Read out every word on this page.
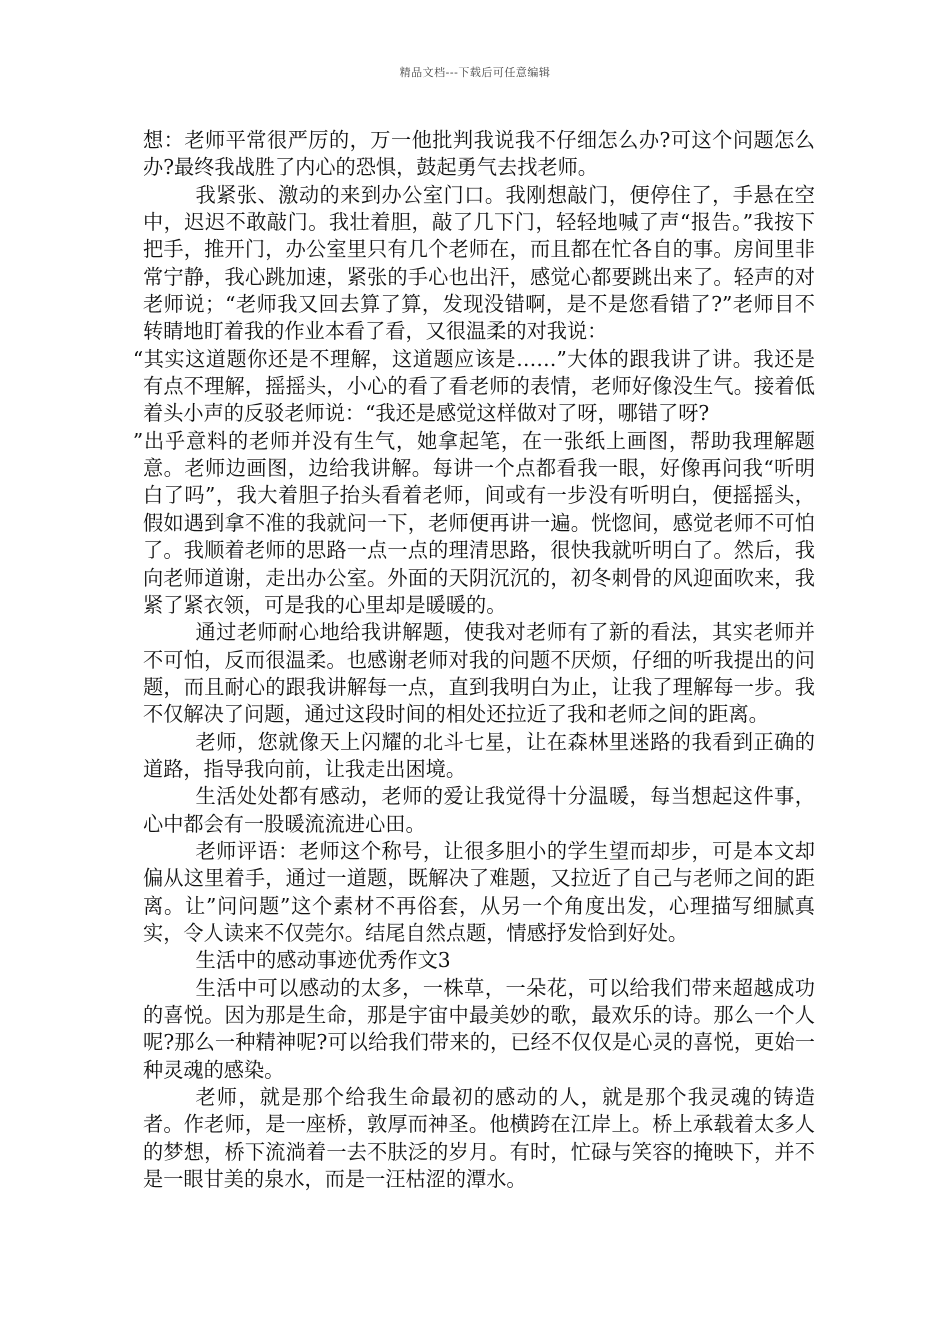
精品文档---下载后可任意编辑

想：老师平常很严厉的，万一他批判我说我不仔细怎么办?可这个问题怎么办?最终我战胜了内心的恐惧，鼓起勇气去找老师。

我紧张、激动的来到办公室门口。我刚想敲门，便停住了，手悬在空中，迟迟不敢敲门。我壮着胆，敲了几下门，轻轻地喊了声“报告。”我按下把手，推开门，办公室里只有几个老师在，而且都在忙各自的事。房间里非常宁静，我心跳加速，紧张的手心也出汗，感觉心都要跳出来了。轻声的对老师说；“老师我又回去算了算，发现没错啊，是不是您看错了?”老师目不转睛地盯着我的作业本看了看，又很温柔的对我说：

“其实这道题你还是不理解，这道题应该是……”大体的跟我讲了讲。我还是有点不理解，摇摇头，小心的看了看老师的表情，老师好像没生气。接着低着头小声的反驳老师说：“我还是感觉这样做对了呀，哪错了呀?

”出乎意料的老师并没有生气，她拿起笔，在一张纸上画图，帮助我理解题意。老师边画图，边给我讲解。每讲一个点都看我一眼，好像再问我“听明白了吗”，我大着胆子抬头看着老师，间或有一步没有听明白，便摇摇头，假如遇到拿不准的我就问一下，老师便再讲一遍。恍惚间，感觉老师不可怕了。我顺着老师的思路一点一点的理清思路，很快我就听明白了。然后，我向老师道谢，走出办公室。外面的天阴沉沉的，初冬刺骨的风迎面吹来，我紧了紧衣领，可是我的心里却是暖暖的。

通过老师耐心地给我讲解题，使我对老师有了新的看法，其实老师并不可怕，反而很温柔。也感谢老师对我的问题不厌烦，仔细的听我提出的问题，而且耐心的跟我讲解每一点，直到我明白为止，让我了理解每一步。我不仅解决了问题，通过这段时间的相处还拉近了我和老师之间的距离。

老师，您就像天上闪耀的北斗七星，让在森林里迷路的我看到正确的道路，指导我向前，让我走出困境。

生活处处都有感动，老师的爱让我觉得十分温暖，每当想起这件事，心中都会有一股暖流流进心田。

老师评语：老师这个称号，让很多胆小的学生望而却步，可是本文却偏从这里着手，通过一道题，既解决了难题，又拉近了自己与老师之间的距离。让”问问题”这个素材不再俗套，从另一个角度出发，心理描写细腻真实，令人读来不仅莞尔。结尾自然点题，情感抒发恰到好处。

生活中的感动事迹优秀作文3

生活中可以感动的太多，一株草，一朵花，可以给我们带来超越成功的喜悦。因为那是生命，那是宇宙中最美妙的歌，最欢乐的诗。那么一个人呢?那么一种精神呢?可以给我们带来的，已经不仅仅是心灵的喜悦，更始一种灵魂的感染。

老师，就是那个给我生命最初的感动的人，就是那个我灵魂的铸造者。作老师，是一座桥，敦厚而神圣。他横跨在江岸上。桥上承载着太多人的梦想，桥下流淌着一去不肤泛的岁月。有时，忙碌与笑容的掩映下，并不是一眼甘美的泉水，而是一汪枯涩的潭水。
